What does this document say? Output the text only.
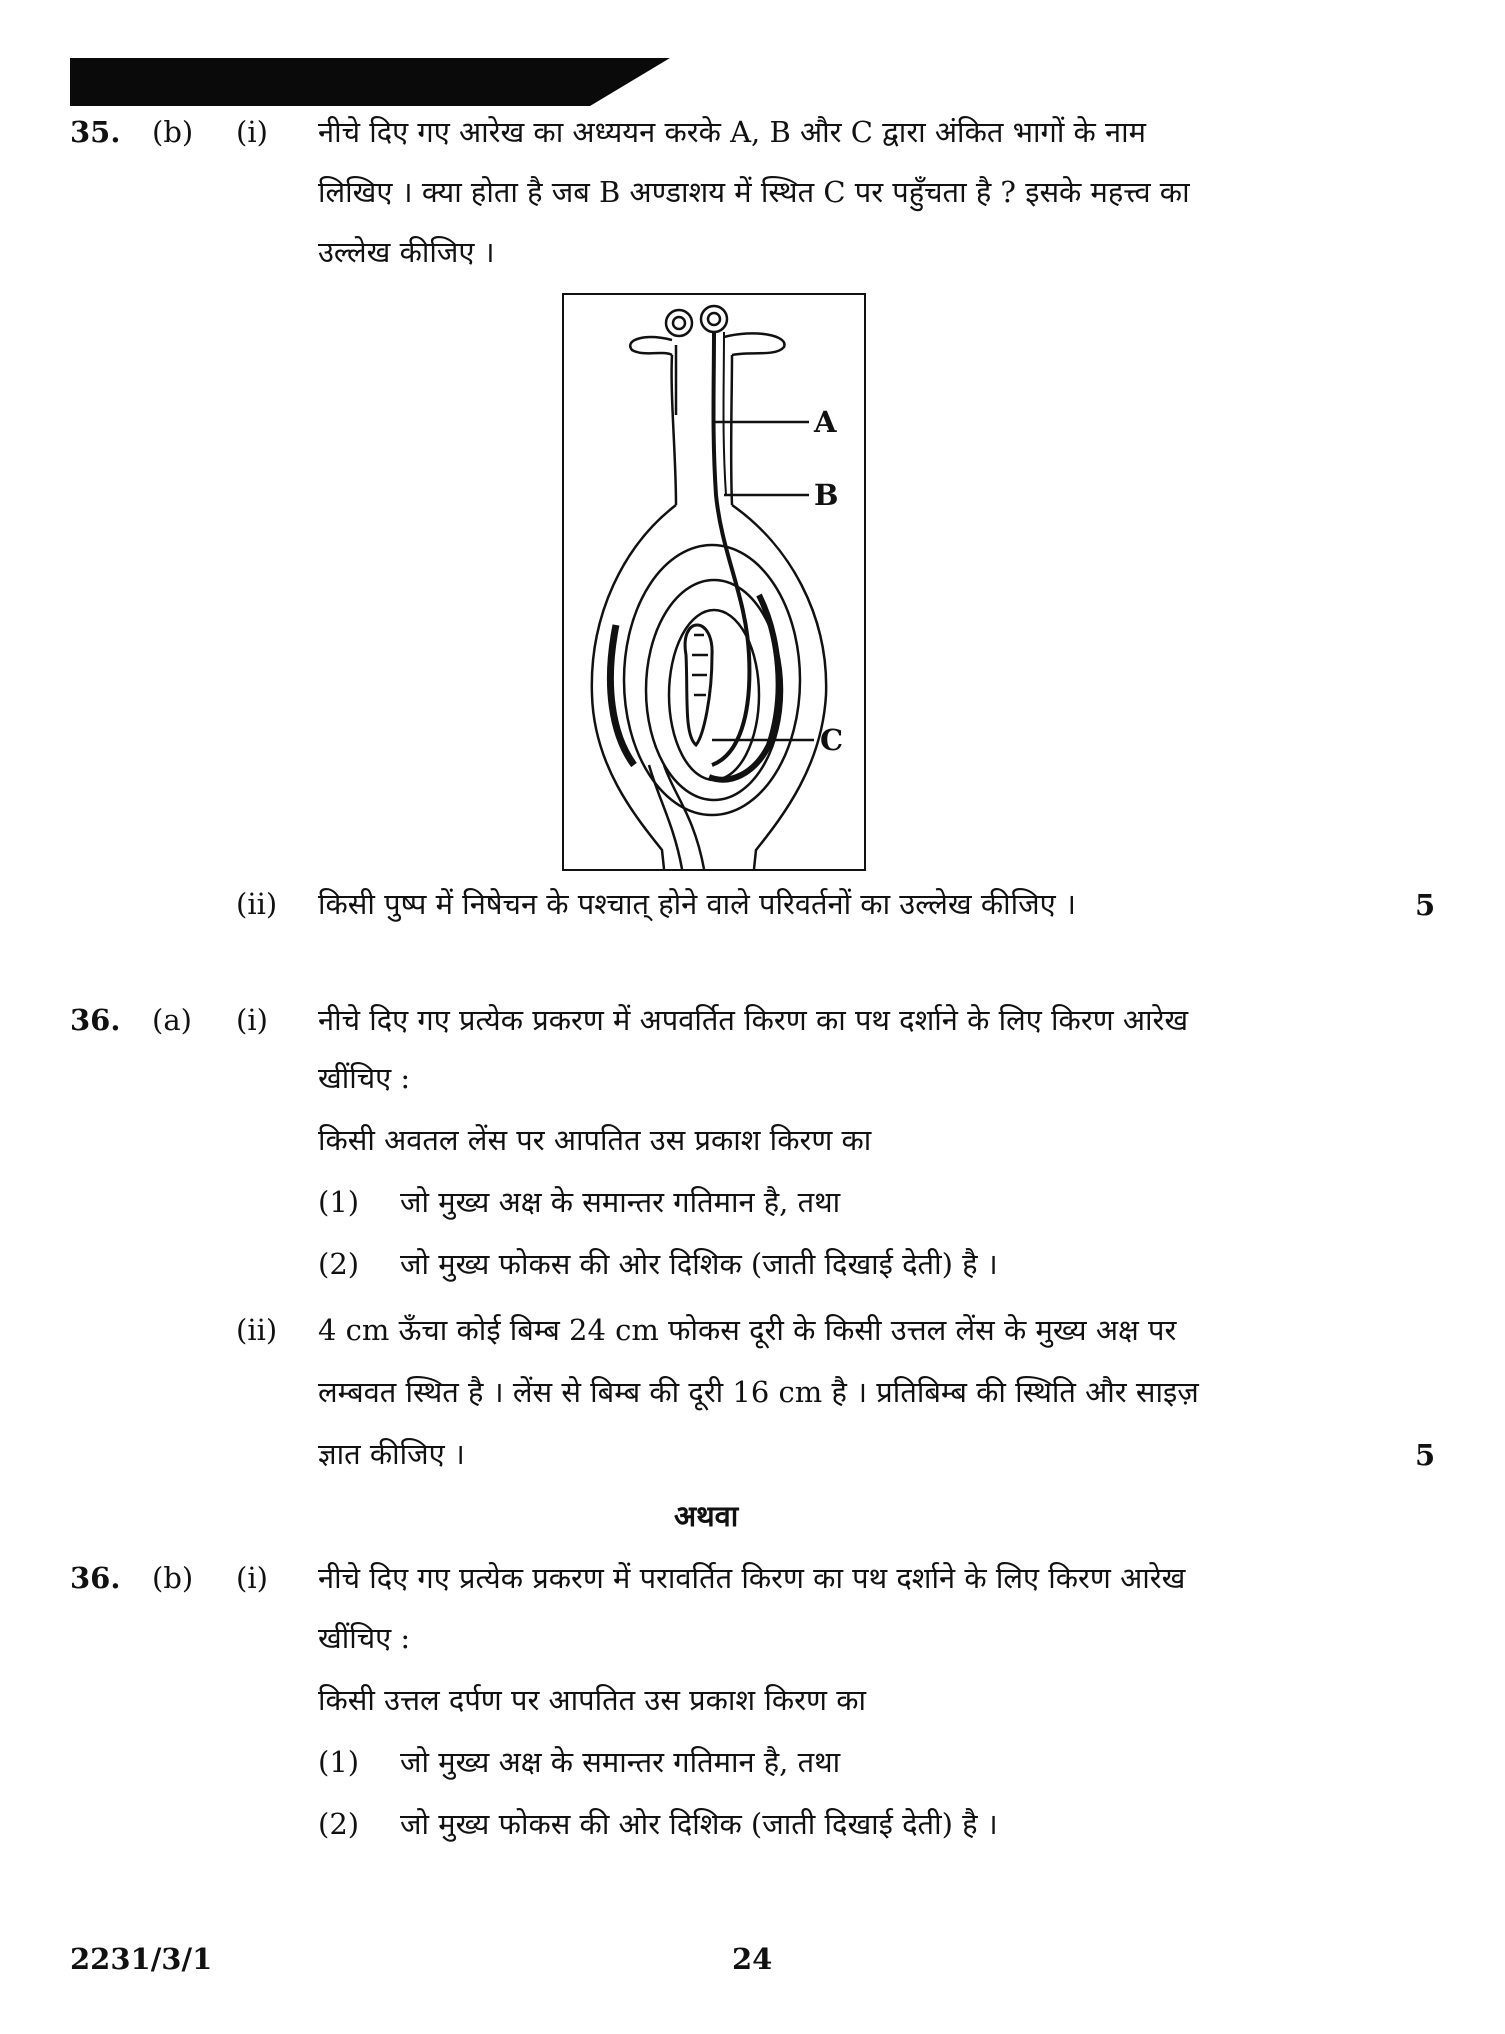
35. (b) (i) नीचे दिए गए आरेख का अध्ययन करके A, B और C द्वारा अंकित भागों के नाम
लिखिए । क्या होता है जब B अण्डाशय में स्थित C पर पहुँचता है ? इसके महत्त्व का
उल्लेख कीजिए ।
A
B
C
(ii) किसी पुष्प में निषेचन के पश्चात् होने वाले परिवर्तनों का उल्लेख कीजिए ।	5
36. (a) (i) नीचे दिए गए प्रत्येक प्रकरण में अपवर्तित किरण का पथ दर्शाने के लिए किरण आरेख
खींचिए :
किसी अवतल लेंस पर आपतित उस प्रकाश किरण का
(1) जो मुख्य अक्ष के समान्तर गतिमान है, तथा
(2) जो मुख्य फोकस की ओर दिशिक (जाती दिखाई देती) है ।
(ii) 4 cm ऊँचा कोई बिम्ब 24 cm फोकस दूरी के किसी उत्तल लेंस के मुख्य अक्ष पर
लम्बवत स्थित है । लेंस से बिम्ब की दूरी 16 cm है । प्रतिबिम्ब की स्थिति और साइज़
ज्ञात कीजिए ।	5
अथवा
36. (b) (i) नीचे दिए गए प्रत्येक प्रकरण में परावर्तित किरण का पथ दर्शाने के लिए किरण आरेख
खींचिए :
किसी उत्तल दर्पण पर आपतित उस प्रकाश किरण का
(1) जो मुख्य अक्ष के समान्तर गतिमान है, तथा
(2) जो मुख्य फोकस की ओर दिशिक (जाती दिखाई देती) है ।
2231/3/1	24
